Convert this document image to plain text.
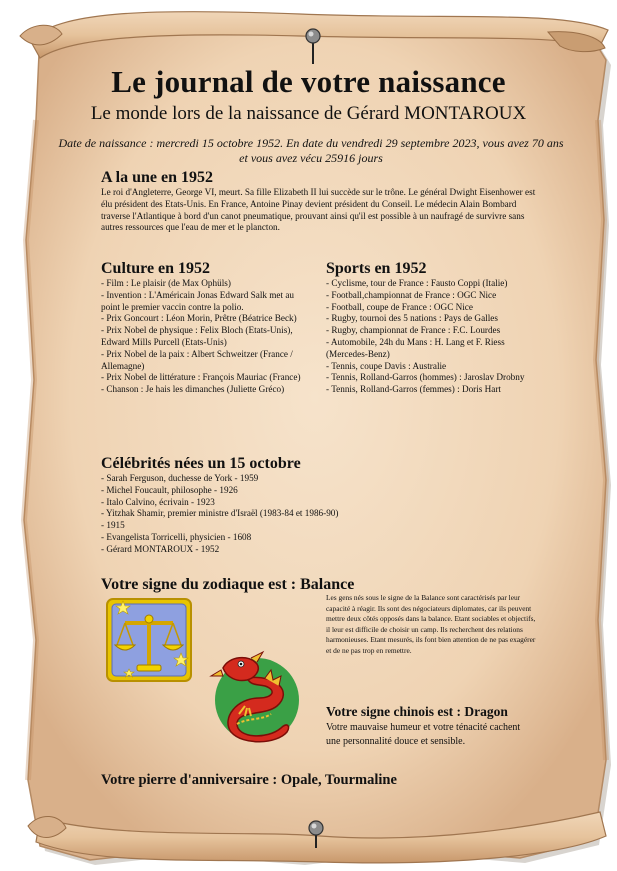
Le journal de votre naissance
Le monde lors de la naissance de Gérard MONTAROUX
Date de naissance : mercredi 15 octobre 1952. En date du vendredi 29 septembre 2023, vous avez 70 ans et vous avez vécu 25916 jours
A la une en 1952
Le roi d'Angleterre, George VI, meurt. Sa fille Elizabeth II lui succède sur le trône. Le général Dwight Eisenhower est élu président des Etats-Unis. En France, Antoine Pinay devient président du Conseil. Le médecin Alain Bombard traverse l'Atlantique à bord d'un canot pneumatique, prouvant ainsi qu'il est possible à un naufragé de survivre sans autres ressources que l'eau de mer et le plancton.
Culture en 1952
- Film : Le plaisir (de Max Ophüls)
- Invention : L'Américain Jonas Edward Salk met au point le premier vaccin contre la polio.
- Prix Goncourt : Léon Morin, Prêtre (Béatrice Beck)
- Prix Nobel de physique : Felix Bloch (Etats-Unis), Edward Mills Purcell (Etats-Unis)
- Prix Nobel de la paix : Albert Schweitzer (France / Allemagne)
- Prix Nobel de littérature : François Mauriac (France)
- Chanson : Je hais les dimanches (Juliette Gréco)
Sports en 1952
- Cyclisme, tour de France : Fausto Coppi (Italie)
- Football,championnat de France : OGC Nice
- Football, coupe de France : OGC Nice
- Rugby, tournoi des 5 nations : Pays de Galles
- Rugby, championnat de France : F.C. Lourdes
- Automobile, 24h du Mans : H. Lang et F. Riess (Mercedes-Benz)
- Tennis, coupe Davis : Australie
- Tennis, Rolland-Garros (hommes) : Jaroslav Drobny
- Tennis, Rolland-Garros (femmes) : Doris Hart
Célébrités nées un 15 octobre
- Sarah Ferguson, duchesse de York - 1959
- Michel Foucault, philosophe - 1926
- Italo Calvino, écrivain - 1923
- Yitzhak Shamir, premier ministre d'Israël (1983-84 et 1986-90)
- 1915
- Evangelista Torricelli, physicien - 1608
- Gérard MONTAROUX - 1952
Votre signe du zodiaque est : Balance
Les gens nés sous le signe de la Balance sont caractérisés par leur capacité à réagir. Ils sont des négociateurs diplomates, car ils peuvent mettre deux côtés opposés dans la balance. Etant sociables et objectifs, il leur est difficile de choisir un camp. Ils recherchent des relations harmonieuses. Etant mesurés, ils font bien attention de ne pas exagérer et de ne pas trop en remettre.
Votre signe chinois est : Dragon
Votre mauvaise humeur et votre ténacité cachent une personnalité douce et sensible.
Votre pierre d'anniversaire : Opale, Tourmaline
